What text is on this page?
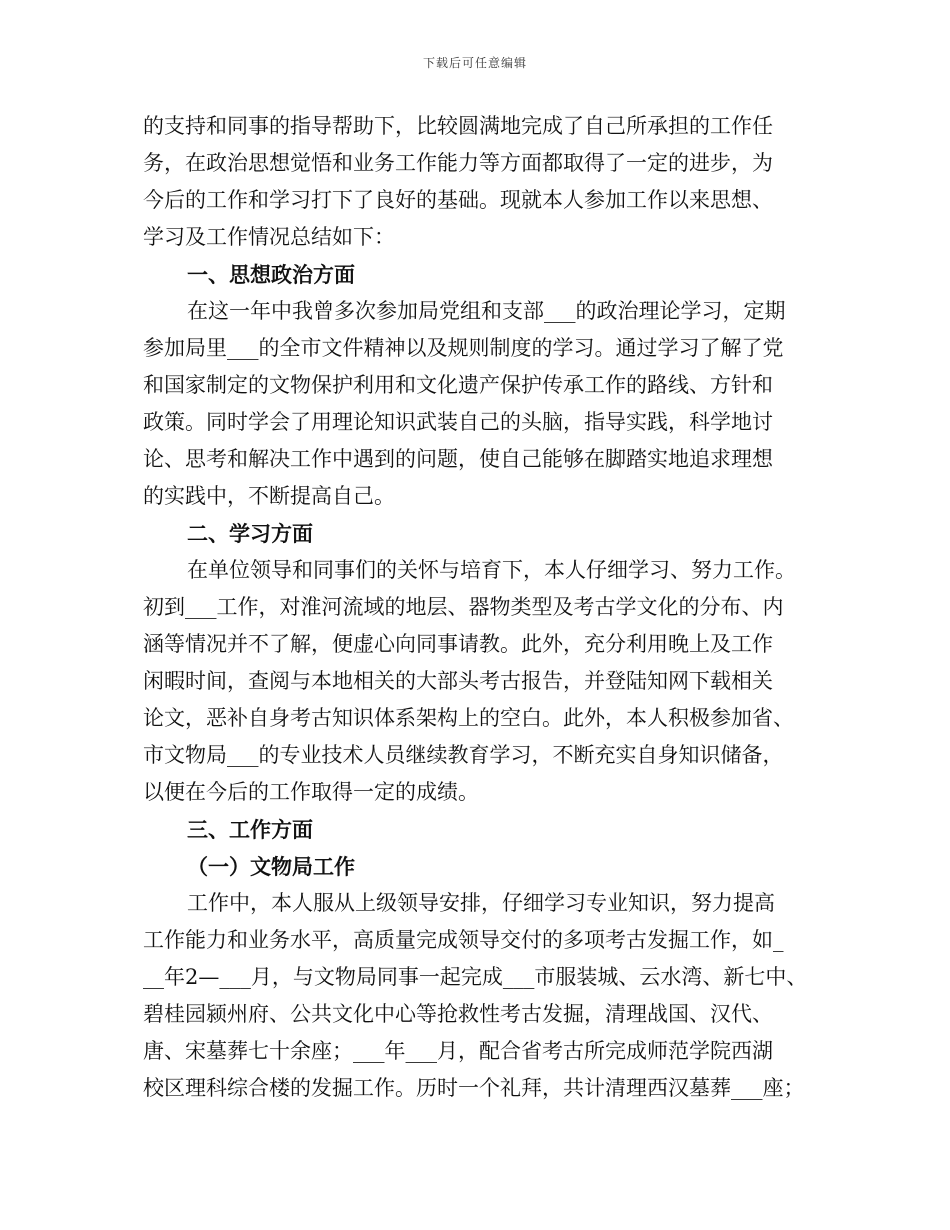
下载后可任意编辑
的支持和同事的指导帮助下，比较圆满地完成了自己所承担的工作任
务，在政治思想觉悟和业务工作能力等方面都取得了一定的进步，为
今后的工作和学习打下了良好的基础。现就本人参加工作以来思想、
学习及工作情况总结如下：
一、思想政治方面
在这一年中我曾多次参加局党组和支部___的政治理论学习，定期
参加局里___的全市文件精神以及规则制度的学习。通过学习了解了党
和国家制定的文物保护利用和文化遗产保护传承工作的路线、方针和
政策。同时学会了用理论知识武装自己的头脑，指导实践，科学地讨
论、思考和解决工作中遇到的问题，使自己能够在脚踏实地追求理想
的实践中，不断提高自己。
二、学习方面
在单位领导和同事们的关怀与培育下，本人仔细学习、努力工作。
初到___工作，对淮河流域的地层、器物类型及考古学文化的分布、内
涵等情况并不了解，便虚心向同事请教。此外，充分利用晚上及工作
闲暇时间，查阅与本地相关的大部头考古报告，并登陆知网下载相关
论文，恶补自身考古知识体系架构上的空白。此外，本人积极参加省、
市文物局___的专业技术人员继续教育学习，不断充实自身知识储备，
以便在今后的工作取得一定的成绩。
三、工作方面
（一）文物局工作
工作中，本人服从上级领导安排，仔细学习专业知识，努力提高
工作能力和业务水平，高质量完成领导交付的多项考古发掘工作，如_
__年2—___月，与文物局同事一起完成___市服装城、云水湾、新七中、
碧桂园颍州府、公共文化中心等抢救性考古发掘，清理战国、汉代、
唐、宋墓葬七十余座；___年___月，配合省考古所完成师范学院西湖
校区理科综合楼的发掘工作。历时一个礼拜，共计清理西汉墓葬___座；
